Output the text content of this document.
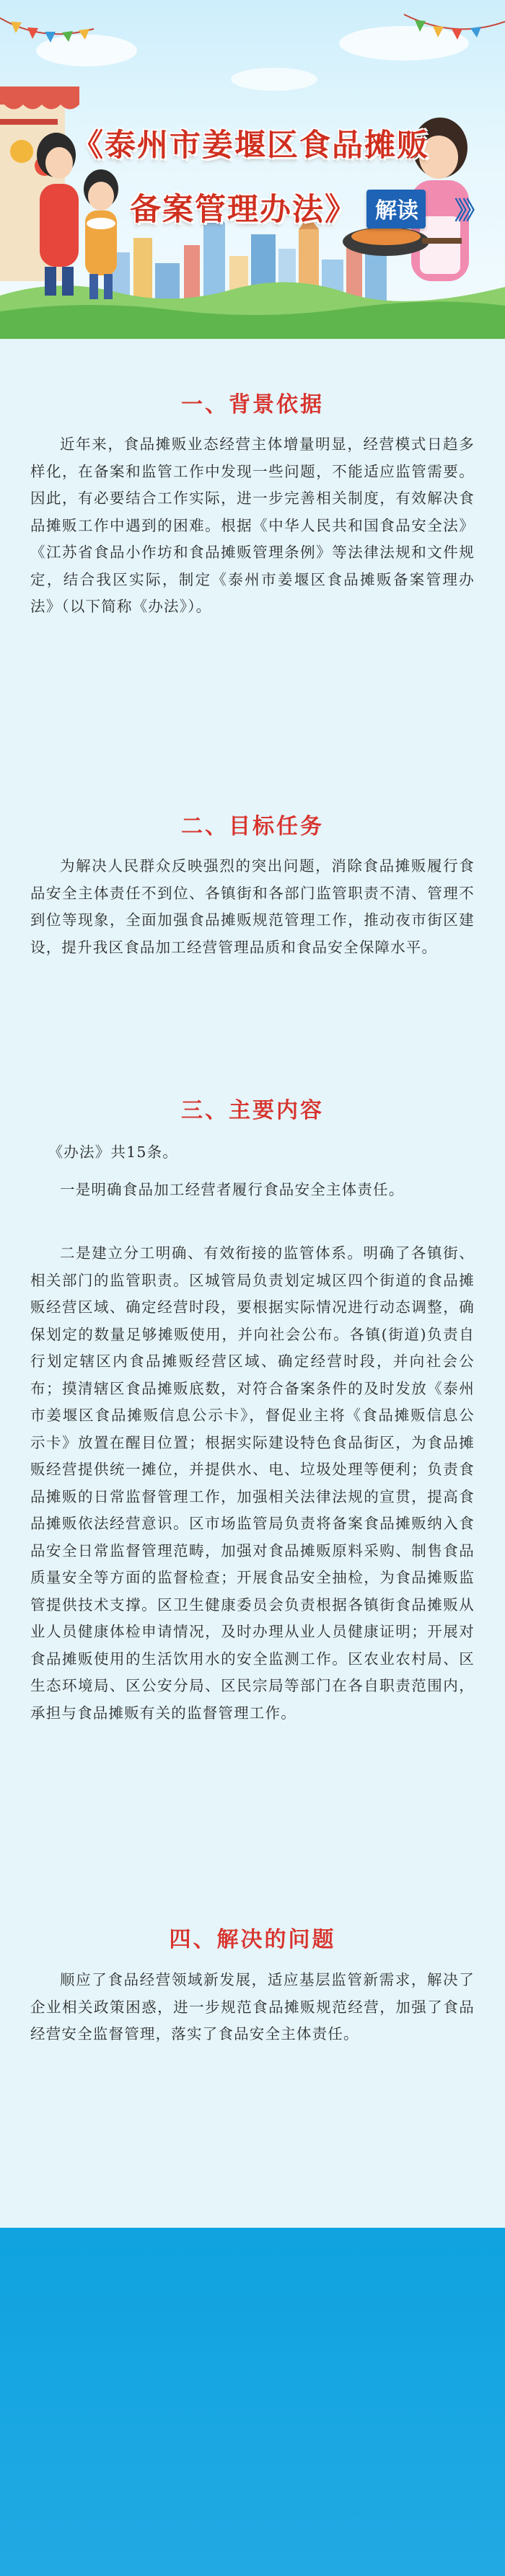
《泰州市姜堰区食品摊贩
备案管理办法》 解读 》》
一、背景依据

近年来，食品摊贩业态经营主体增量明显，经营模式日趋多样化，在备案和监管工作中发现一些问题，不能适应监管需要。因此，有必要结合工作实际，进一步完善相关制度，有效解决食品摊贩工作中遇到的困难。根据《中华人民共和国食品安全法》《江苏省食品小作坊和食品摊贩管理条例》等法律法规和文件规定，结合我区实际，制定《泰州市姜堰区食品摊贩备案管理办法》（以下简称《办法》）。

二、目标任务

为解决人民群众反映强烈的突出问题，消除食品摊贩履行食品安全主体责任不到位、各镇街和各部门监管职责不清、管理不到位等现象，全面加强食品摊贩规范管理工作，推动夜市街区建设，提升我区食品加工经营管理品质和食品安全保障水平。

三、主要内容

《办法》共15条。

一是明确食品加工经营者履行食品安全主体责任。

二是建立分工明确、有效衔接的监管体系。明确了各镇街、相关部门的监管职责。区城管局负责划定城区四个街道的食品摊贩经营区域、确定经营时段，要根据实际情况进行动态调整，确保划定的数量足够摊贩使用，并向社会公布。各镇(街道)负责自行划定辖区内食品摊贩经营区域、确定经营时段，并向社会公布；摸清辖区食品摊贩底数，对符合备案条件的及时发放《泰州市姜堰区食品摊贩信息公示卡》，督促业主将《食品摊贩信息公示卡》放置在醒目位置；根据实际建设特色食品街区，为食品摊贩经营提供统一摊位，并提供水、电、垃圾处理等便利；负责食品摊贩的日常监督管理工作，加强相关法律法规的宣贯，提高食品摊贩依法经营意识。区市场监管局负责将备案食品摊贩纳入食品安全日常监督管理范畴，加强对食品摊贩原料采购、制售食品质量安全等方面的监督检查；开展食品安全抽检，为食品摊贩监管提供技术支撑。区卫生健康委员会负责根据各镇街食品摊贩从业人员健康体检申请情况，及时办理从业人员健康证明；开展对食品摊贩使用的生活饮用水的安全监测工作。区农业农村局、区生态环境局、区公安分局、区民宗局等部门在各自职责范围内，承担与食品摊贩有关的监督管理工作。

四、解决的问题

顺应了食品经营领域新发展，适应基层监管新需求，解决了企业相关政策困惑，进一步规范食品摊贩规范经营，加强了食品经营安全监督管理，落实了食品安全主体责任。
